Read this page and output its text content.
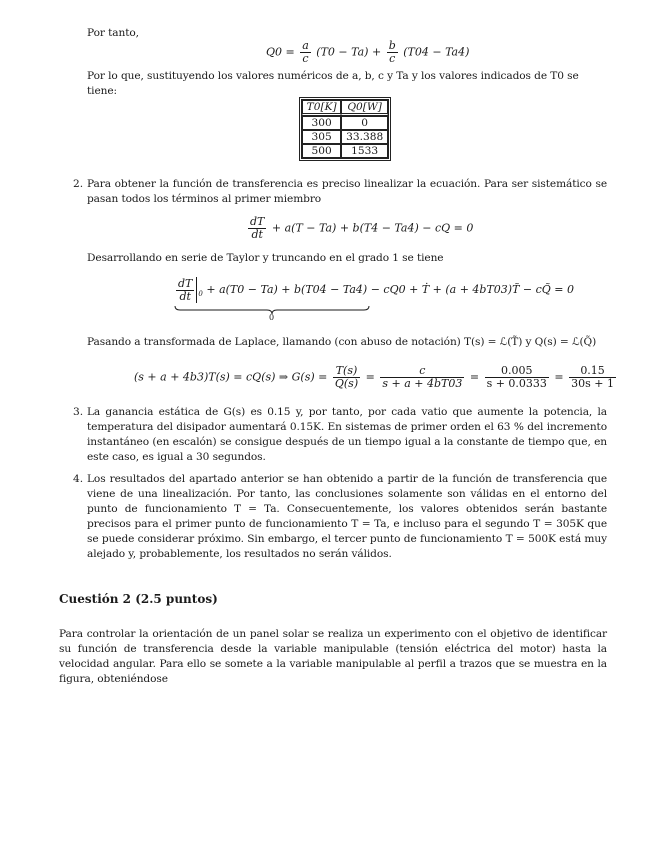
Por tanto,
$Q0 = \frac{a}{c} (T0 - Ta) + \frac{b}{c} (T04 - Ta4)$
Por lo que, sustituyendo los valores numéricos de a, b, c y Ta y los valores indicados de T0 se tiene:
T0[K]	Q0[W]
300	0
305	33.388
500	1533
2. Para obtener la función de transferencia es preciso linealizar la ecuación. Para ser sistemático se pasan todos los términos al primer miembro
$\frac{dT}{dt} + a(T - Ta) + b(T4 - Ta4)$ − cQ = 0
Desarrollando en serie de Taylor y truncando en el grado 1 se tiene
$\frac{dT}{dt} _0 + a(T0 - Ta) + b(T04 - Ta4) - cQ0$ + Ṫ + (a + 4bT03)T̃ − cQ̃ = 0
0
Pasando a transformada de Laplace, llamando (con abuso de notación) T(s) = ℒ(T̃) y Q(s) = ℒ(Q̃)
(s + a + 4b3)T(s) = cQ(s) ⇒ $G(s) = \frac{T(s)}{Q(s)} = \frac{c}{s + a + 4bT03} = \frac{0.005}{s + 0.0333} = \frac{0.15}{30s + 1}$
3. La ganancia estática de G(s) es 0.15 y, por tanto, por cada vatio que aumente la potencia, la temperatura del disipador aumentará 0.15K. En sistemas de primer orden el 63 % del incremento instantáneo (en escalón) se consigue después de un tiempo igual a la constante de tiempo que, en este caso, es igual a 30 segundos.
4. Los resultados del apartado anterior se han obtenido a partir de la función de transferencia que viene de una linealización. Por tanto, las conclusiones solamente son válidas en el entorno del punto de funcionamiento T = Ta. Consecuentemente, los valores obtenidos serán bastante precisos para el primer punto de funcionamiento T = Ta, e incluso para el segundo T = 305K que se puede considerar próximo. Sin embargo, el tercer punto de funcionamiento T = 500K está muy alejado y, probablemente, los resultados no serán válidos.
Cuestión 2 (2.5 puntos)
Para controlar la orientación de un panel solar se realiza un experimento con el objetivo de identificar su función de transferencia desde la variable manipulable (tensión eléctrica del motor) hasta la velocidad angular. Para ello se somete a la variable manipulable al perfil a trazos que se muestra en la figura, obteniéndose
